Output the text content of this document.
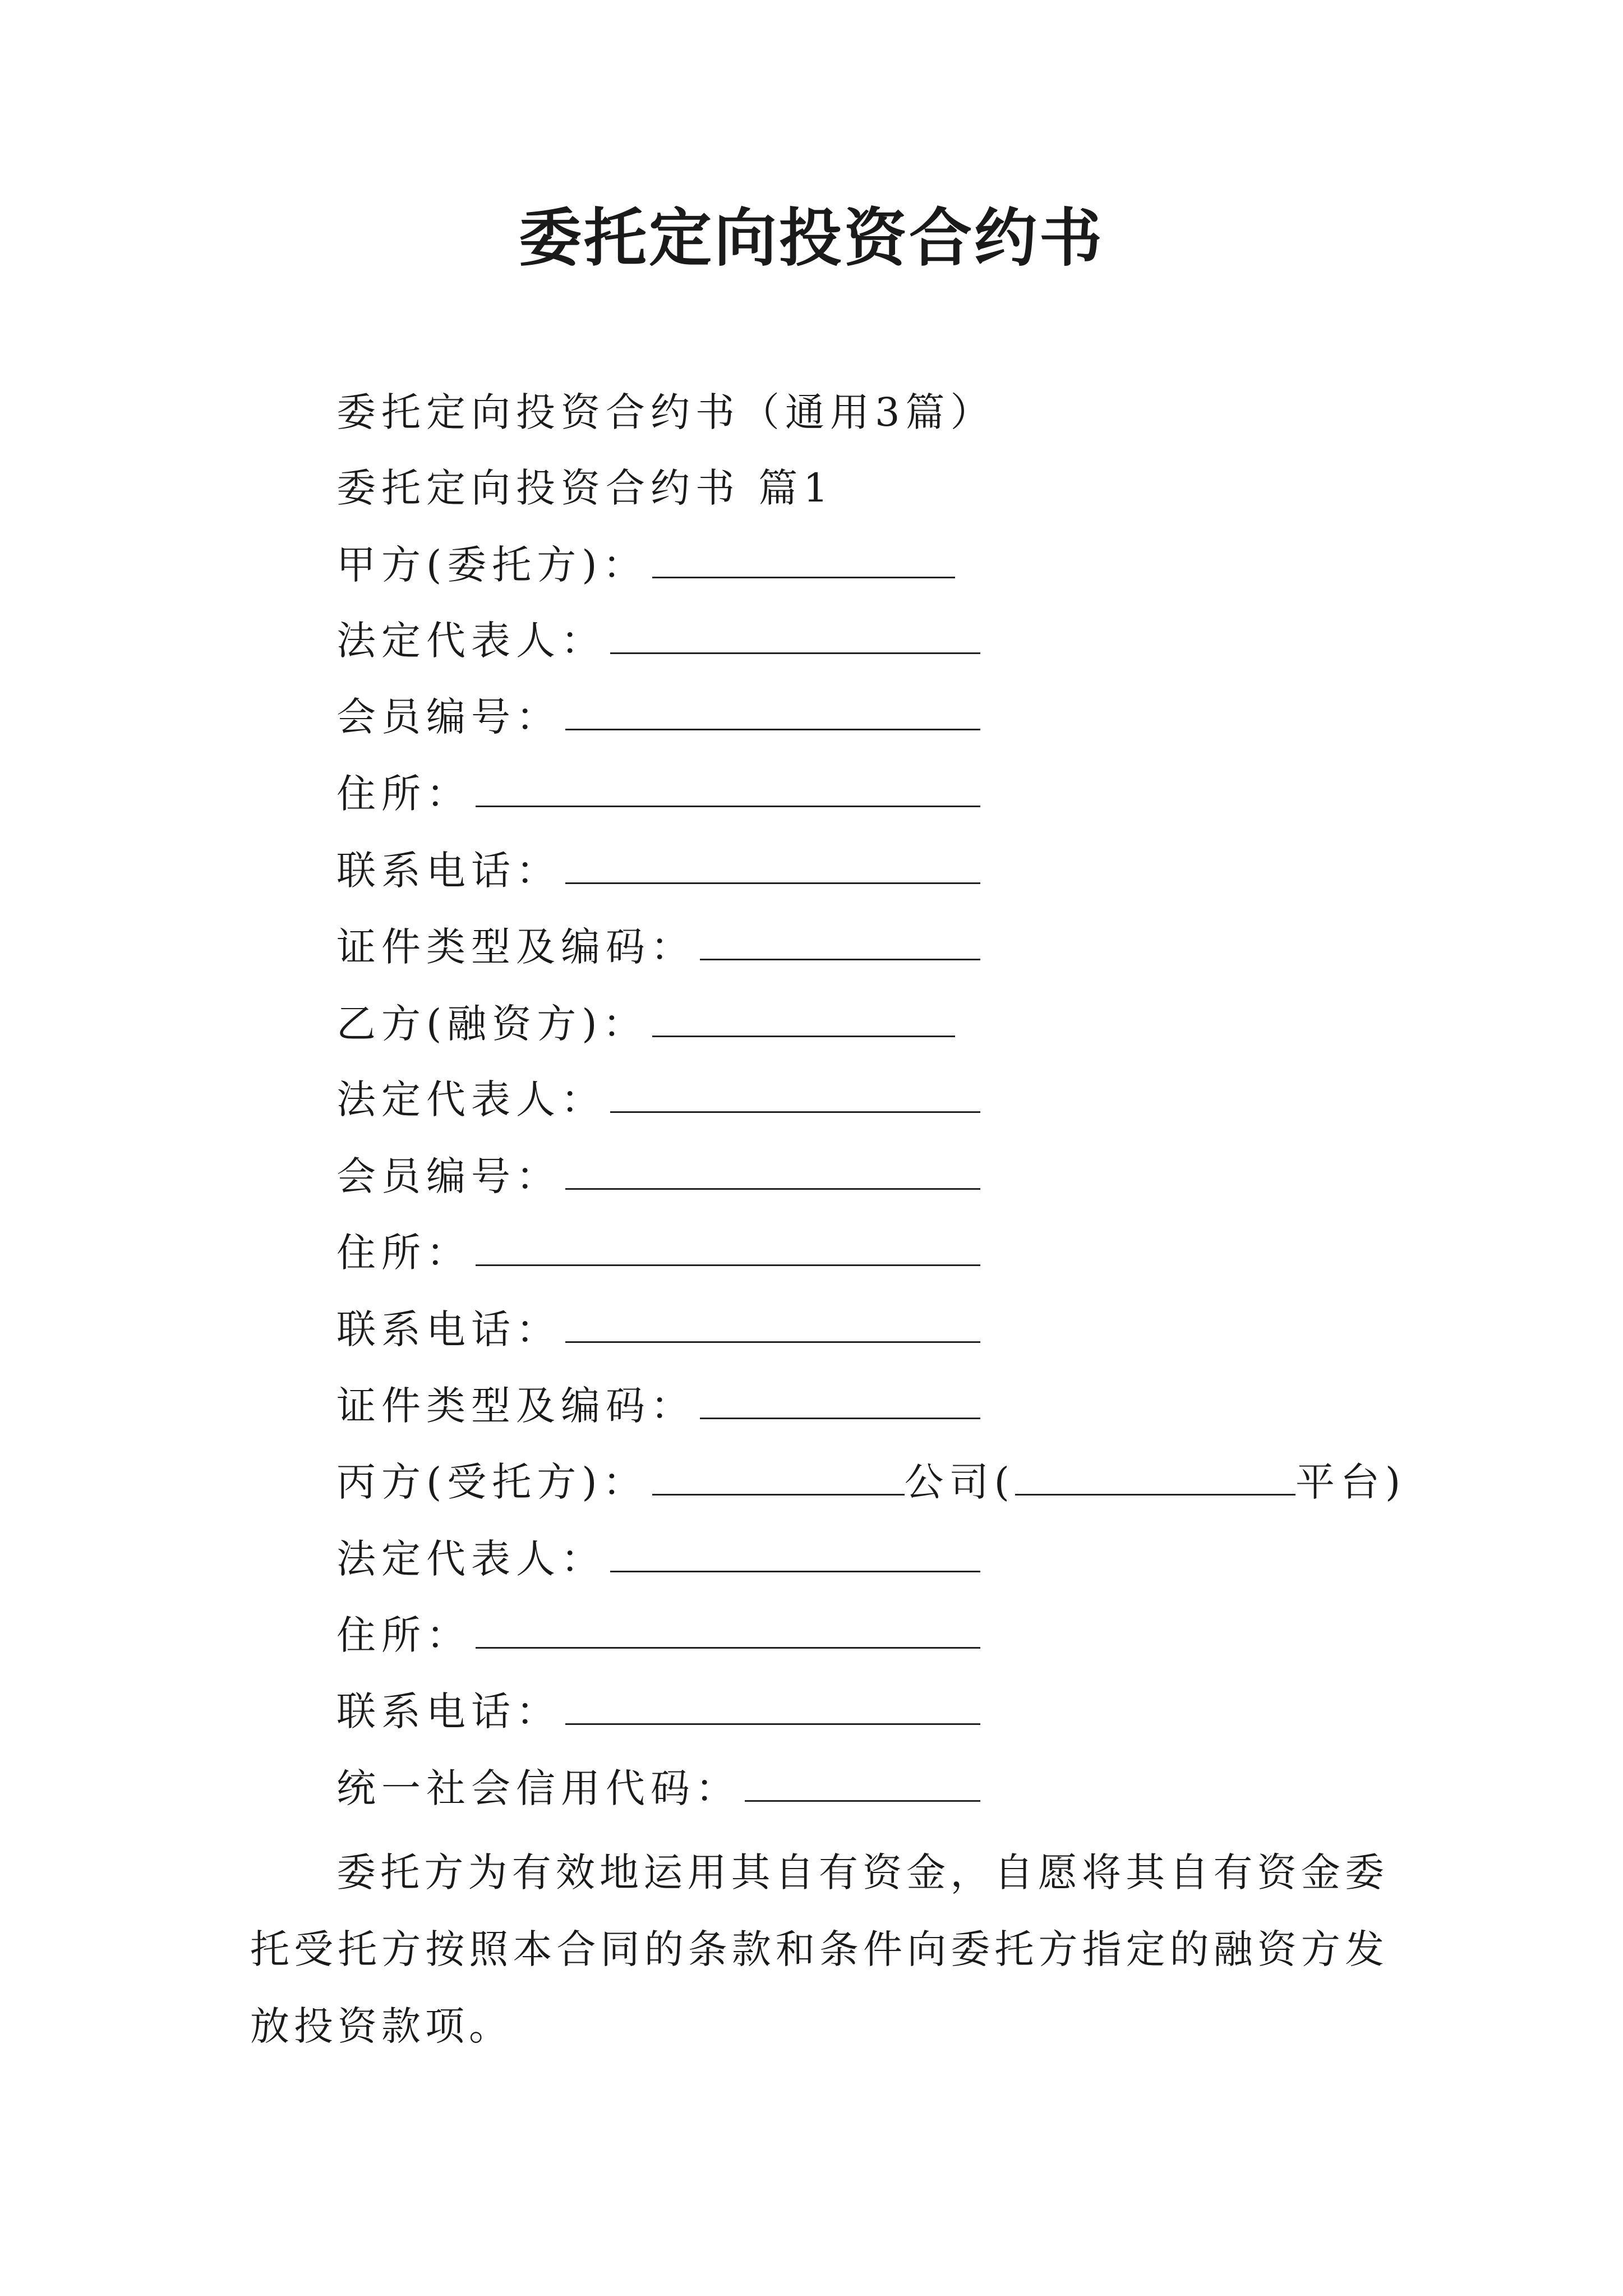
委托定向投资合约书
委托定向投资合约书（通用3篇）
委托定向投资合约书 篇1
甲方(委托方)：
法定代表人：
会员编号：
住所：
联系电话：
证件类型及编码：
乙方(融资方)：
法定代表人：
会员编号：
住所：
联系电话：
证件类型及编码：
丙方(受托方)：	公司(	平台)
法定代表人：
住所：
联系电话：
统一社会信用代码：

委托方为有效地运用其自有资金，自愿将其自有资金委托受托方按照本合同的条款和条件向委托方指定的融资方发放投资款项。
